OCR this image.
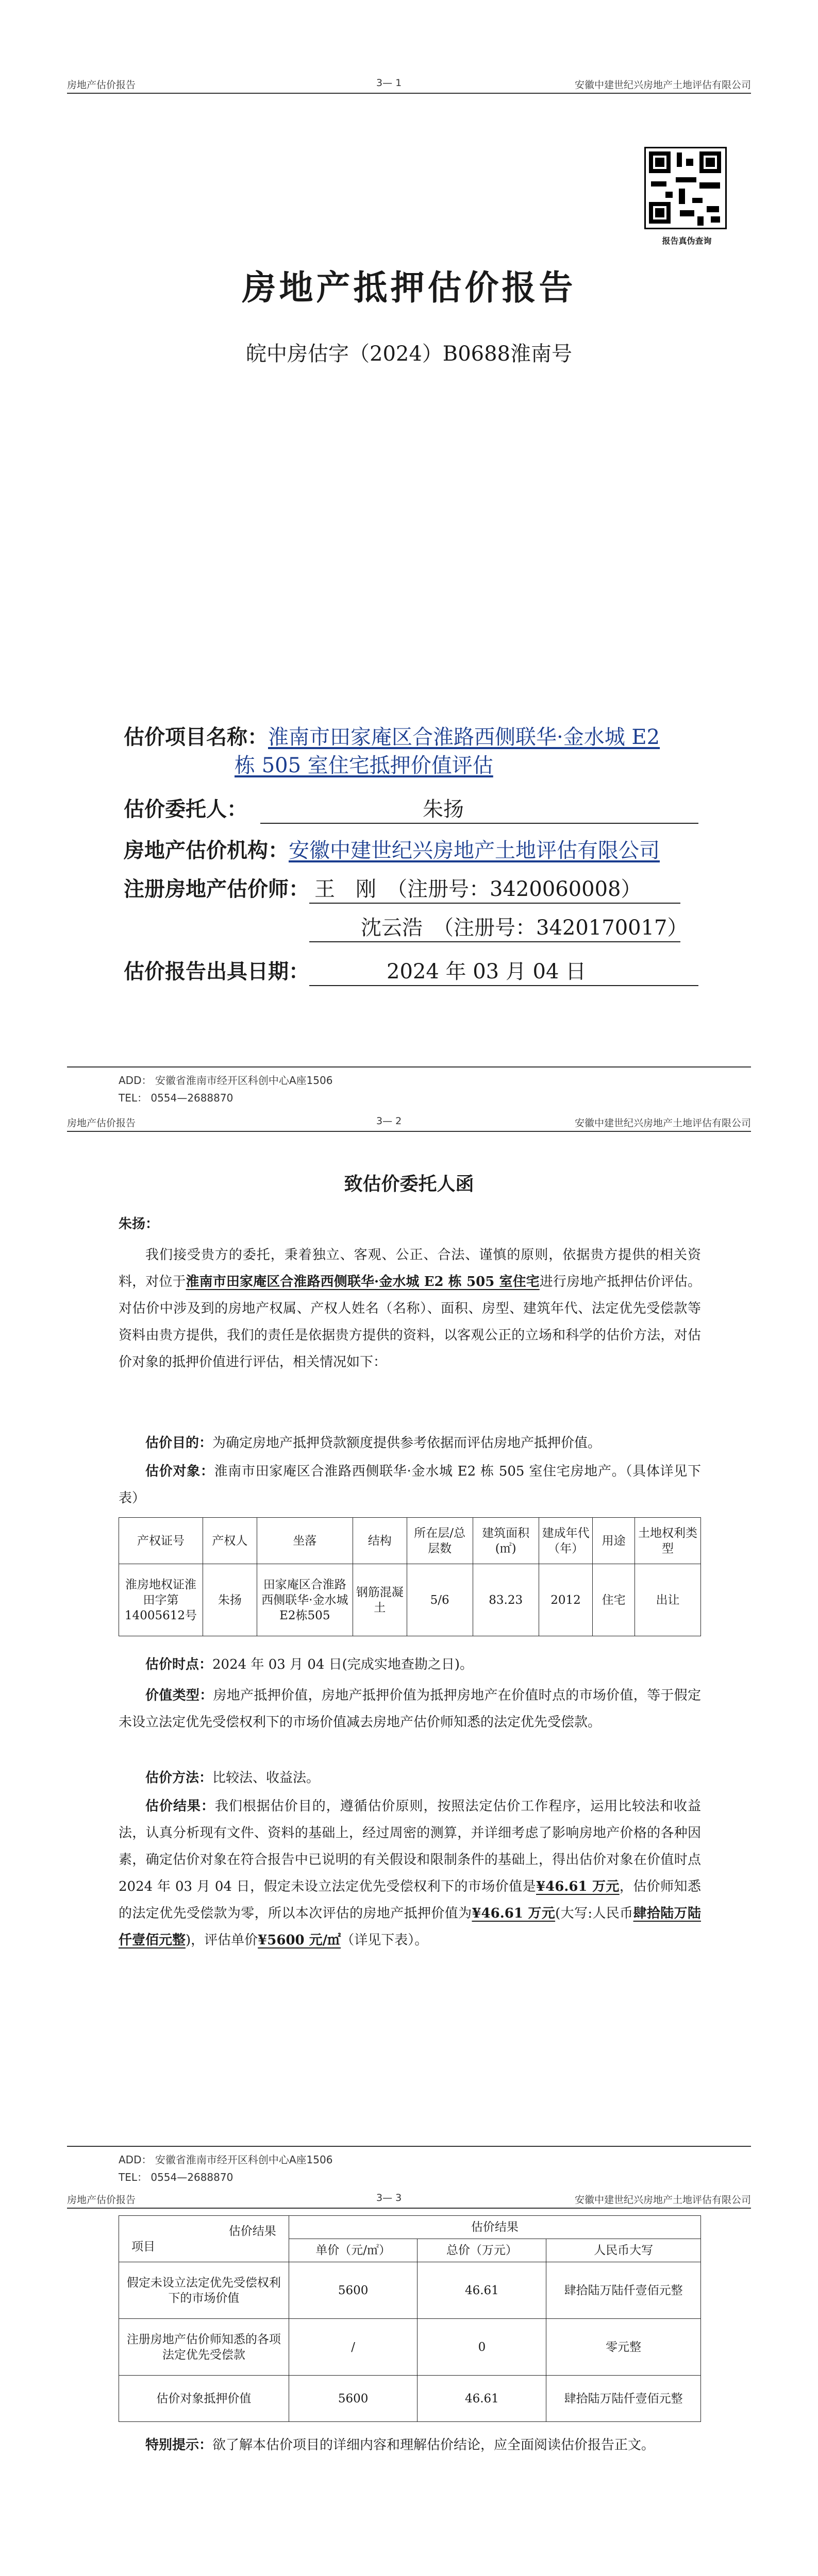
房地产估价报告	3— 1	安徽中建世纪兴房地产土地评估有限公司
报告真伪查询
房地产抵押估价报告
皖中房估字（2024）B0688淮南号
估价项目名称：淮南市田家庵区合淮路西侧联华·金水城 E2
栋 505 室住宅抵押价值评估
估价委托人：	朱扬
房地产估价机构：安徽中建世纪兴房地产土地评估有限公司
注册房地产估价师： 王　刚　（注册号：3420060008）
沈云浩　（注册号：3420170017）
估价报告出具日期：	2024 年 03 月 04 日
ADD： 安徽省淮南市经开区科创中心A座1506
TEL： 0554—2688870
房地产估价报告	3— 2	安徽中建世纪兴房地产土地评估有限公司
致估价委托人函
朱扬：
我们接受贵方的委托，秉着独立、客观、公正、合法、谨慎的原则，依据贵方提供的相关资料，对位于淮南市田家庵区合淮路西侧联华·金水城 E2 栋 505 室住宅进行房地产抵押估价评估。对估价中涉及到的房地产权属、产权人姓名（名称）、面积、房型、建筑年代、法定优先受偿款等资料由贵方提供，我们的责任是依据贵方提供的资料，以客观公正的立场和科学的估价方法，对估价对象的抵押价值进行评估，相关情况如下：
估价目的：为确定房地产抵押贷款额度提供参考依据而评估房地产抵押价值。
估价对象：淮南市田家庵区合淮路西侧联华·金水城 E2 栋 505 室住宅房地产。（具体详见下表）
产权证号	产权人	坐落	结构	所在层/总层数	建筑面积(㎡)	建成年代（年）	用途	土地权利类型
淮房地权证淮田字第14005612号	朱扬	田家庵区合淮路西侧联华·金水城E2栋505	钢筋混凝土	5/6	83.23	2012	住宅	出让
估价时点：2024 年 03 月 04 日(完成实地查勘之日)。
价值类型：房地产抵押价值，房地产抵押价值为抵押房地产在价值时点的市场价值，等于假定未设立法定优先受偿权利下的市场价值减去房地产估价师知悉的法定优先受偿款。
估价方法：比较法、收益法。
估价结果：我们根据估价目的，遵循估价原则，按照法定估价工作程序，运用比较法和收益法，认真分析现有文件、资料的基础上，经过周密的测算，并详细考虑了影响房地产价格的各种因素，确定估价对象在符合报告中已说明的有关假设和限制条件的基础上，得出估价对象在价值时点 2024 年 03 月 04 日，假定未设立法定优先受偿权利下的市场价值是¥46.61 万元，估价师知悉的法定优先受偿款为零，所以本次评估的房地产抵押价值为¥46.61 万元(大写:人民币肆拾陆万陆仟壹佰元整)，评估单价¥5600 元/㎡（详见下表）。
ADD： 安徽省淮南市经开区科创中心A座1506
TEL： 0554—2688870
房地产估价报告	3— 3	安徽中建世纪兴房地产土地评估有限公司
估价结果
项目	估价结果		
	单价（元/㎡）	总价（万元）	人民币大写
假定未设立法定优先受偿权利下的市场价值	5600	46.61	肆拾陆万陆仟壹佰元整
注册房地产估价师知悉的各项法定优先受偿款	/	0	零元整
估价对象抵押价值	5600	46.61	肆拾陆万陆仟壹佰元整
特别提示：欲了解本估价项目的详细内容和理解估价结论，应全面阅读估价报告正文。
